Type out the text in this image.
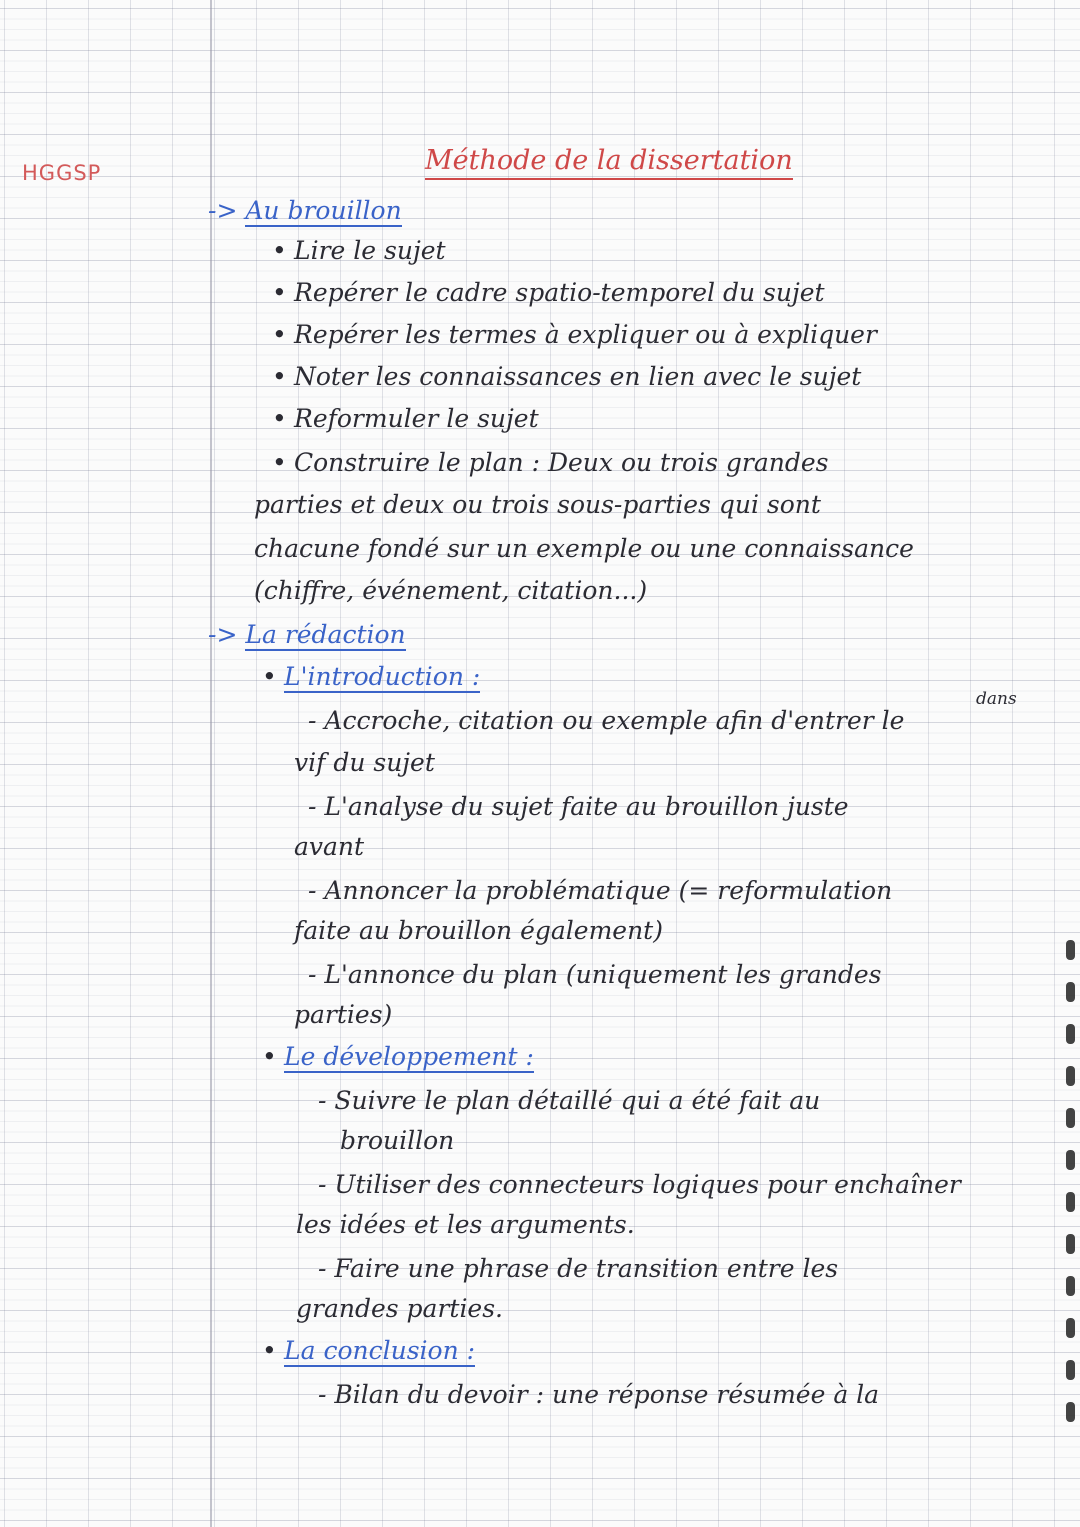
HGGSP	Méthode de la dissertation
-> Au brouillon
• Lire le sujet
• Repérer le cadre spatio-temporel du sujet
• Repérer les termes à expliquer ou à expliquer
• Noter les connaissances en lien avec le sujet
• Reformuler le sujet
• Construire le plan : Deux ou trois grandes
parties et deux ou trois sous-parties qui sont
chacune fondé sur un exemple ou une connaissance
(chiffre, événement, citation...)
-> La rédaction
• L'introduction :
dans
- Accroche, citation ou exemple afin d'entrer le
vif du sujet
- L'analyse du sujet faite au brouillon juste
avant
- Annoncer la problématique (= reformulation
faite au brouillon également)
- L'annonce du plan (uniquement les grandes
parties)
• Le développement :
- Suivre le plan détaillé qui a été fait au
brouillon
- Utiliser des connecteurs logiques pour enchaîner
les idées et les arguments.
- Faire une phrase de transition entre les
grandes parties.
• La conclusion :
- Bilan du devoir : une réponse résumée à la
